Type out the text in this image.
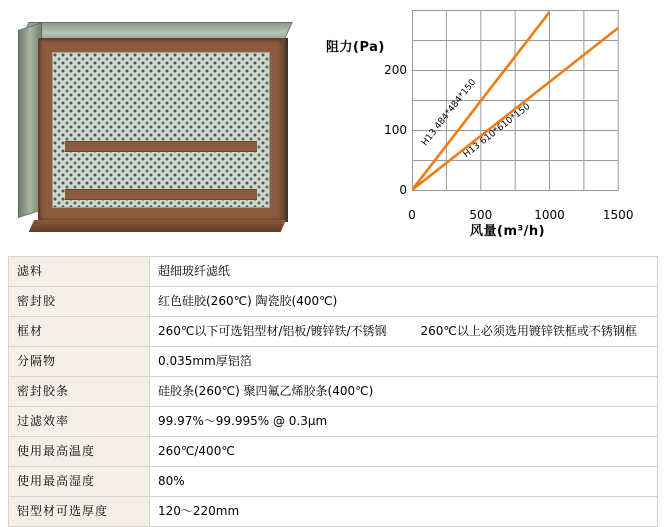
阻力(Pa)
风量(m³/h)
0
100
200
0	500	1000	1500
H13 484*484*150
H13 610*610*150
滤料	超细玻纤滤纸

密封胶	红色硅胶(260℃) 陶瓷胶(400℃)

框材	260℃以下可选铝型材/铝板/镀锌铁/不锈钢 260℃以上必须选用镀锌铁框或不锈钢框

分隔物	0.035mm厚铝箔

密封胶条	硅胶条(260℃) 聚四氟乙烯胶条(400℃)

过滤效率	99.97%～99.995% @ 0.3μm

使用最高温度	260℃/400℃

使用最高湿度	80%

铝型材可选厚度	120～220mm
